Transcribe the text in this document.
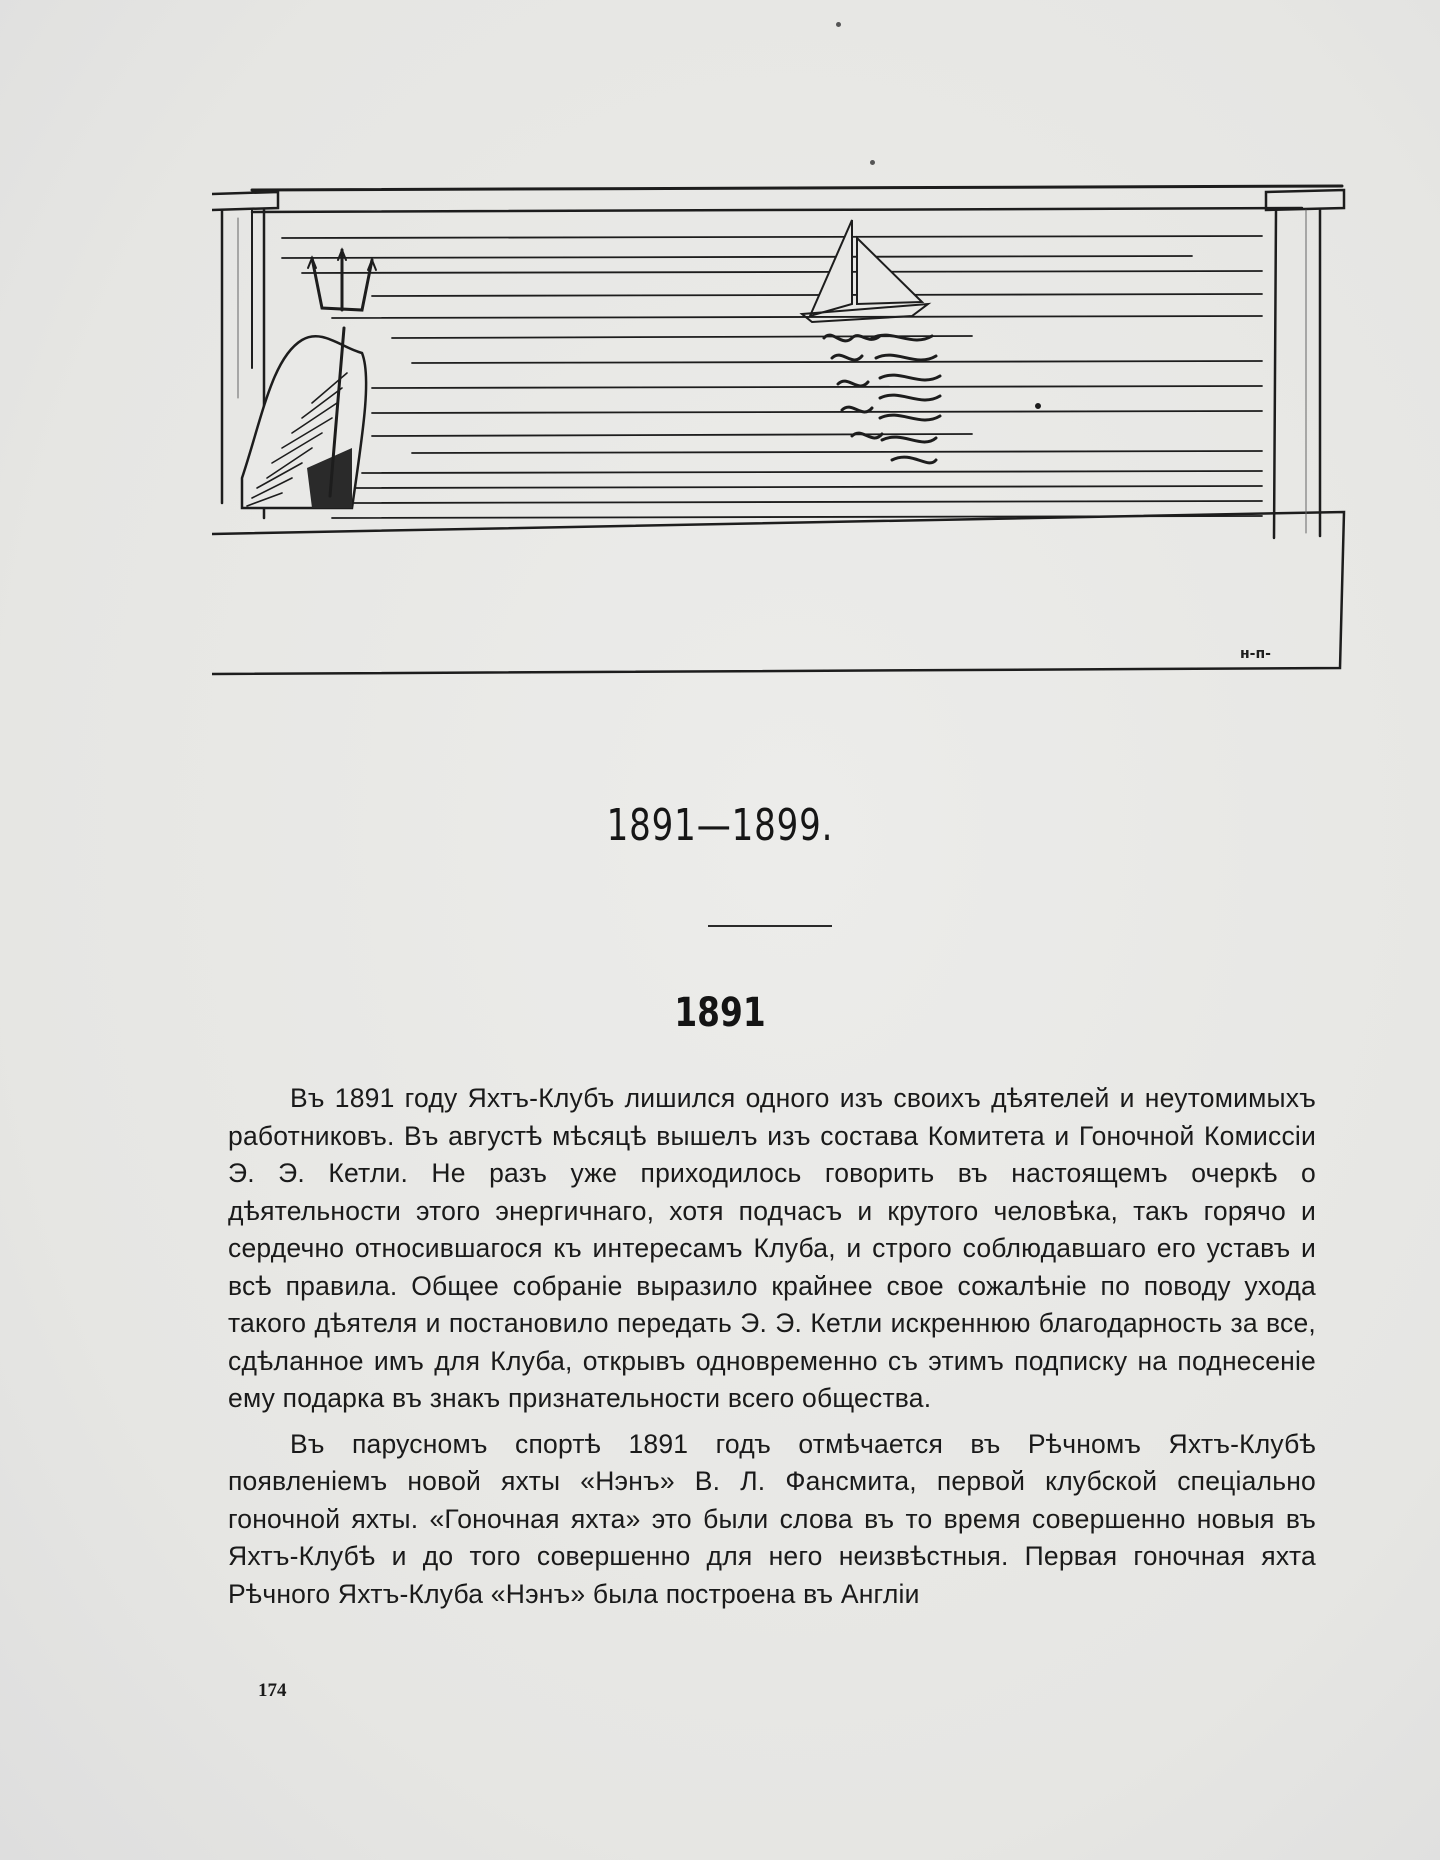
н-п-
1891—1899.
1891

Въ 1891 году Яхтъ-Клубъ лишился одного изъ своихъ дѣятелей и неутомимыхъ работниковъ. Въ августѣ мѣсяцѣ вышелъ изъ состава Комитета и Гоночной Комиссiи Э. Э. Кетли. Не разъ уже приходилось говорить въ настоящемъ очеркѣ о дѣятельности этого энергичнаго, хотя подчасъ и крутого человѣка, такъ горячо и сердечно относившагося къ интересамъ Клуба, и строго соблюдавшаго его уставъ и всѣ правила. Общее собранiе выразило крайнее свое сожалѣнiе по поводу ухода такого дѣятеля и постановило передать Э. Э. Кетли искреннюю благодарность за все, сдѣланное имъ для Клуба, открывъ одновременно съ этимъ подписку на поднесенiе ему подарка въ знакъ признательности всего общества.

Въ парусномъ спортѣ 1891 годъ отмѣчается въ Рѣчномъ Яхтъ-Клубѣ появленiемъ новой яхты «Нэнъ» В. Л. Фансмита, первой клубской спецiально гоночной яхты. «Гоночная яхта» это были слова въ то время совершенно новыя въ Яхтъ-Клубѣ и до того совершенно для него неизвѣстныя. Первая гоночная яхта Рѣчного Яхтъ-Клуба «Нэнъ» была построена въ Англiи

174
